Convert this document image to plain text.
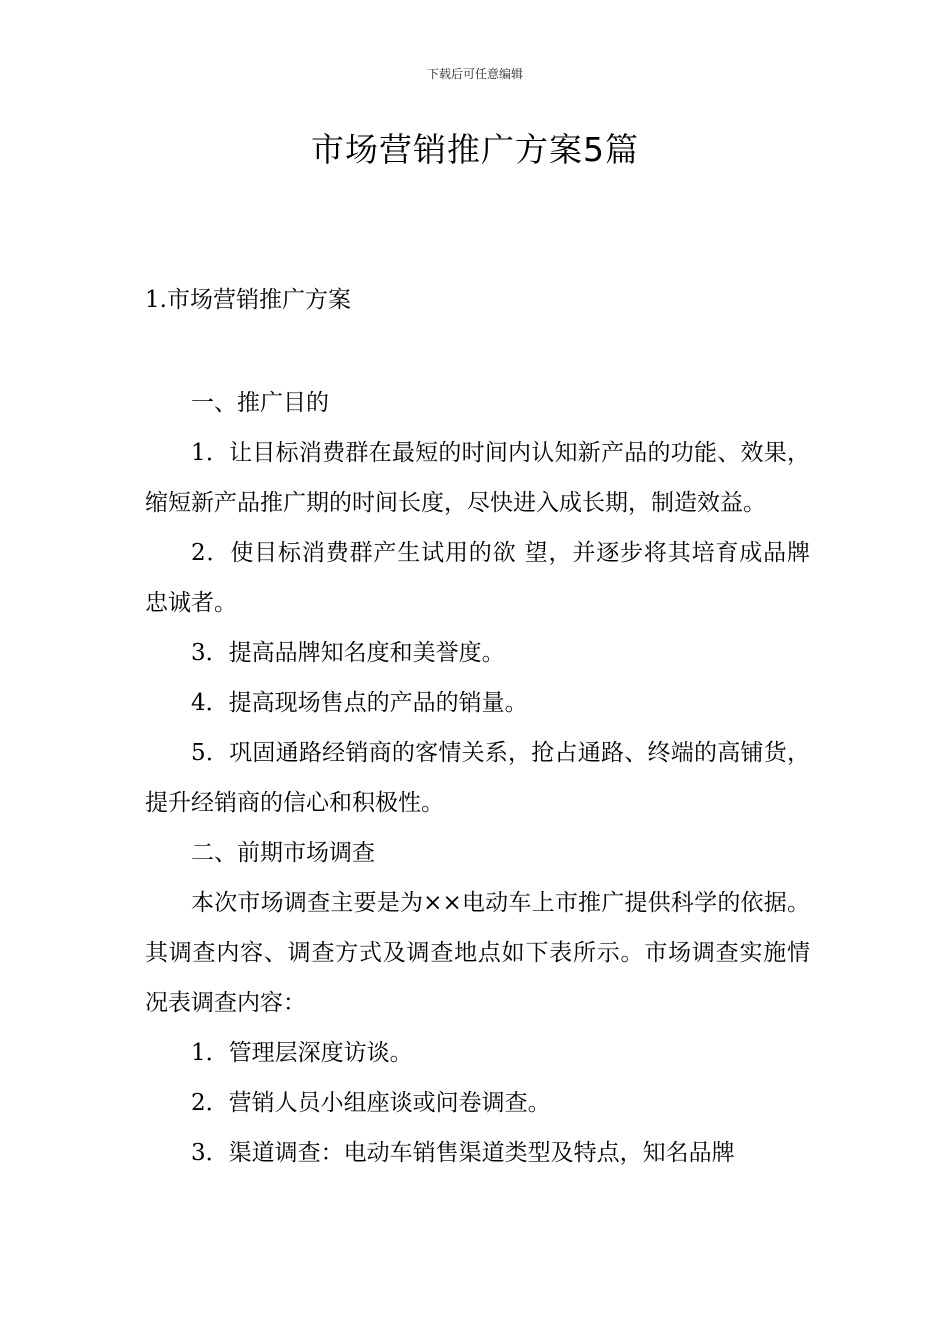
下载后可任意编辑
市场营销推广方案5篇
1.市场营销推广方案

一、推广目的

1．让目标消费群在最短的时间内认知新产品的功能、效果，缩短新产品推广期的时间长度，尽快进入成长期，制造效益。

2．使目标消费群产生试用的欲 望，并逐步将其培育成品牌忠诚者。

3．提高品牌知名度和美誉度。

4．提高现场售点的产品的销量。

5．巩固通路经销商的客情关系，抢占通路、终端的高铺货，提升经销商的信心和积极性。

二、前期市场调查

本次市场调查主要是为××电动车上市推广提供科学的依据。其调查内容、调查方式及调查地点如下表所示。市场调查实施情况表调查内容：

1．管理层深度访谈。

2．营销人员小组座谈或问卷调查。

3．渠道调查：电动车销售渠道类型及特点，知名品牌
